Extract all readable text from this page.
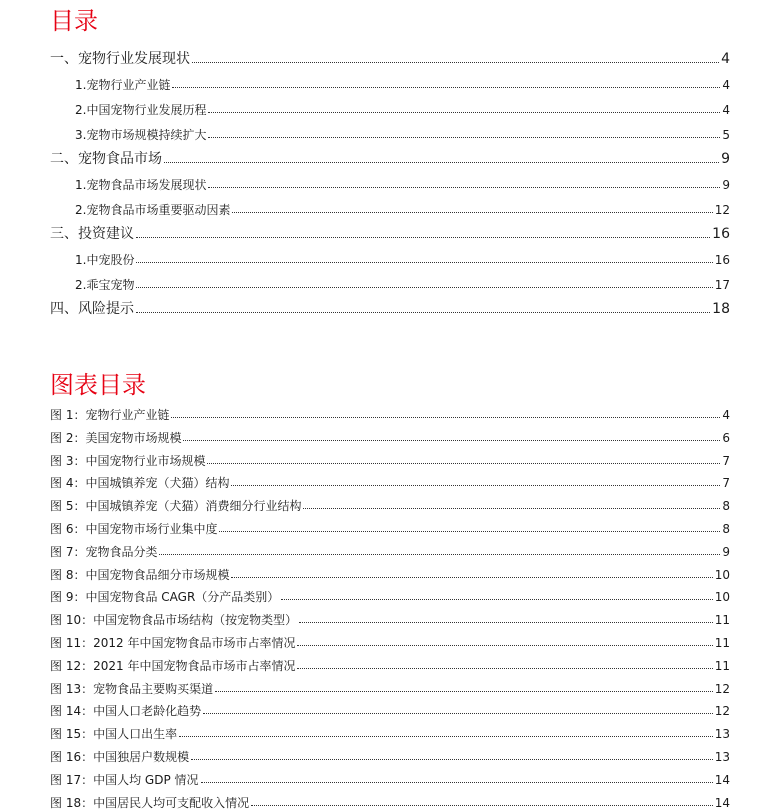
目录
一、宠物行业发展现状	4
1.宠物行业产业链	4
2.中国宠物行业发展历程	4
3.宠物市场规模持续扩大	5
二、宠物食品市场	9
1.宠物食品市场发展现状	9
2.宠物食品市场重要驱动因素	12
三、投资建议	16
1.中宠股份	16
2.乖宝宠物	17
四、风险提示	18
图表目录
图 1：宠物行业产业链	4
图 2：美国宠物市场规模	6
图 3：中国宠物行业市场规模	7
图 4：中国城镇养宠（犬猫）结构	7
图 5：中国城镇养宠（犬猫）消费细分行业结构	8
图 6：中国宠物市场行业集中度	8
图 7：宠物食品分类	9
图 8：中国宠物食品细分市场规模	10
图 9：中国宠物食品 CAGR（分产品类别）	10
图 10：中国宠物食品市场结构（按宠物类型）	11
图 11：2012 年中国宠物食品市场市占率情况	11
图 12：2021 年中国宠物食品市场市占率情况	11
图 13：宠物食品主要购买渠道	12
图 14：中国人口老龄化趋势	12
图 15：中国人口出生率	13
图 16：中国独居户数规模	13
图 17：中国人均 GDP 情况	14
图 18：中国居民人均可支配收入情况	14
